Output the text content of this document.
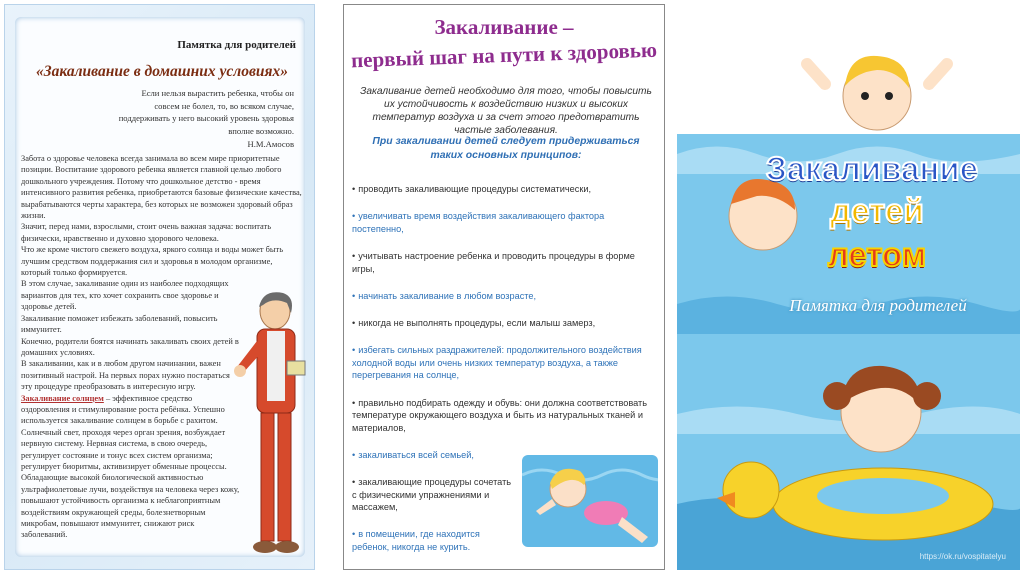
Памятка для родителей
«Закаливание в домашних условиях»
Если нельзя вырастить ребенка, чтобы он совсем не болел, то, во всяком случае, поддерживать у него высокий уровень здоровья вполне возможно.
Н.М.Амосов

Забота о здоровье человека всегда занимала во всем мире приоритетные позиции. Воспитание здорового ребенка является главной целью любого дошкольного учреждения. Потому что дошкольное детство - время интенсивного развития ребенка, приобретаются базовые физические качества, вырабатываются черты характера, без которых не возможен здоровый образ жизни.

Значит, перед нами, взрослыми, стоит очень важная задача: воспитать физически, нравственно и духовно здорового человека.

Что же кроме чистого свежего воздуха, яркого солнца и воды может быть лучшим средством поддержания сил и здоровья в молодом организме, который только формируется.

В этом случае, закаливание один из наиболее подходящих вариантов для тех, кто хочет сохранить свое здоровье и здоровье детей.

Закаливание поможет избежать заболеваний, повысить иммунитет.

Конечно, родители боятся начинать закаливать своих детей в домашних условиях.

В закаливании, как и в любом другом начинании, важен позитивный настрой. На первых порах нужно постараться эту процедуре преобразовать в интересную игру.

Закаливание солнцем – эффективное средство оздоровления и стимулирование роста ребёнка. Успешно используется закаливание солнцем в борьбе с рахитом. Солнечный свет, проходя через орган зрения, возбуждает нервную систему. Нервная система, в свою очередь, регулирует состояние и тонус всех систем организма; регулирует биоритмы, активизирует обменные процессы. Обладающие высокой биологической активностью ультрафиолетовые лучи, воздействуя на человека через кожу, повышают устойчивость организма к неблагоприятным воздействиям окружающей среды, болезнетворным микробам, повышают иммунитет, снижают риск заболеваний.

Закаливание –
первый шаг на пути к здоровью
Закаливание детей необходимо для того, чтобы повысить их устойчивость к воздействию низких и высоких температур воздуха и за счет этого предотвратить частые заболевания.
При закаливании детей следует придерживаться таких основных принципов:
• проводить закаливающие процедуры систематически,
• увеличивать время воздействия закаливающего фактора постепенно,
• учитывать настроение ребенка и проводить процедуры в форме игры,
• начинать закаливание в любом возрасте,
• никогда не выполнять процедуры, если малыш замерз,
• избегать сильных раздражителей: продолжительного воздействия холодной воды или очень низких температур воздуха, а также перегревания на солнце,
• правильно подбирать одежду и обувь: они должна соответствовать температуре окружающего воздуха и быть из натуральных тканей и материалов,
• закаливаться всей семьей,
• закаливающие процедуры сочетать с физическими упражнениями и массажем,
• в помещении, где находится ребенок, никогда не курить.
Закаливание
детей
летом
Памятка для родителей
https://ok.ru/vospitatelyu
